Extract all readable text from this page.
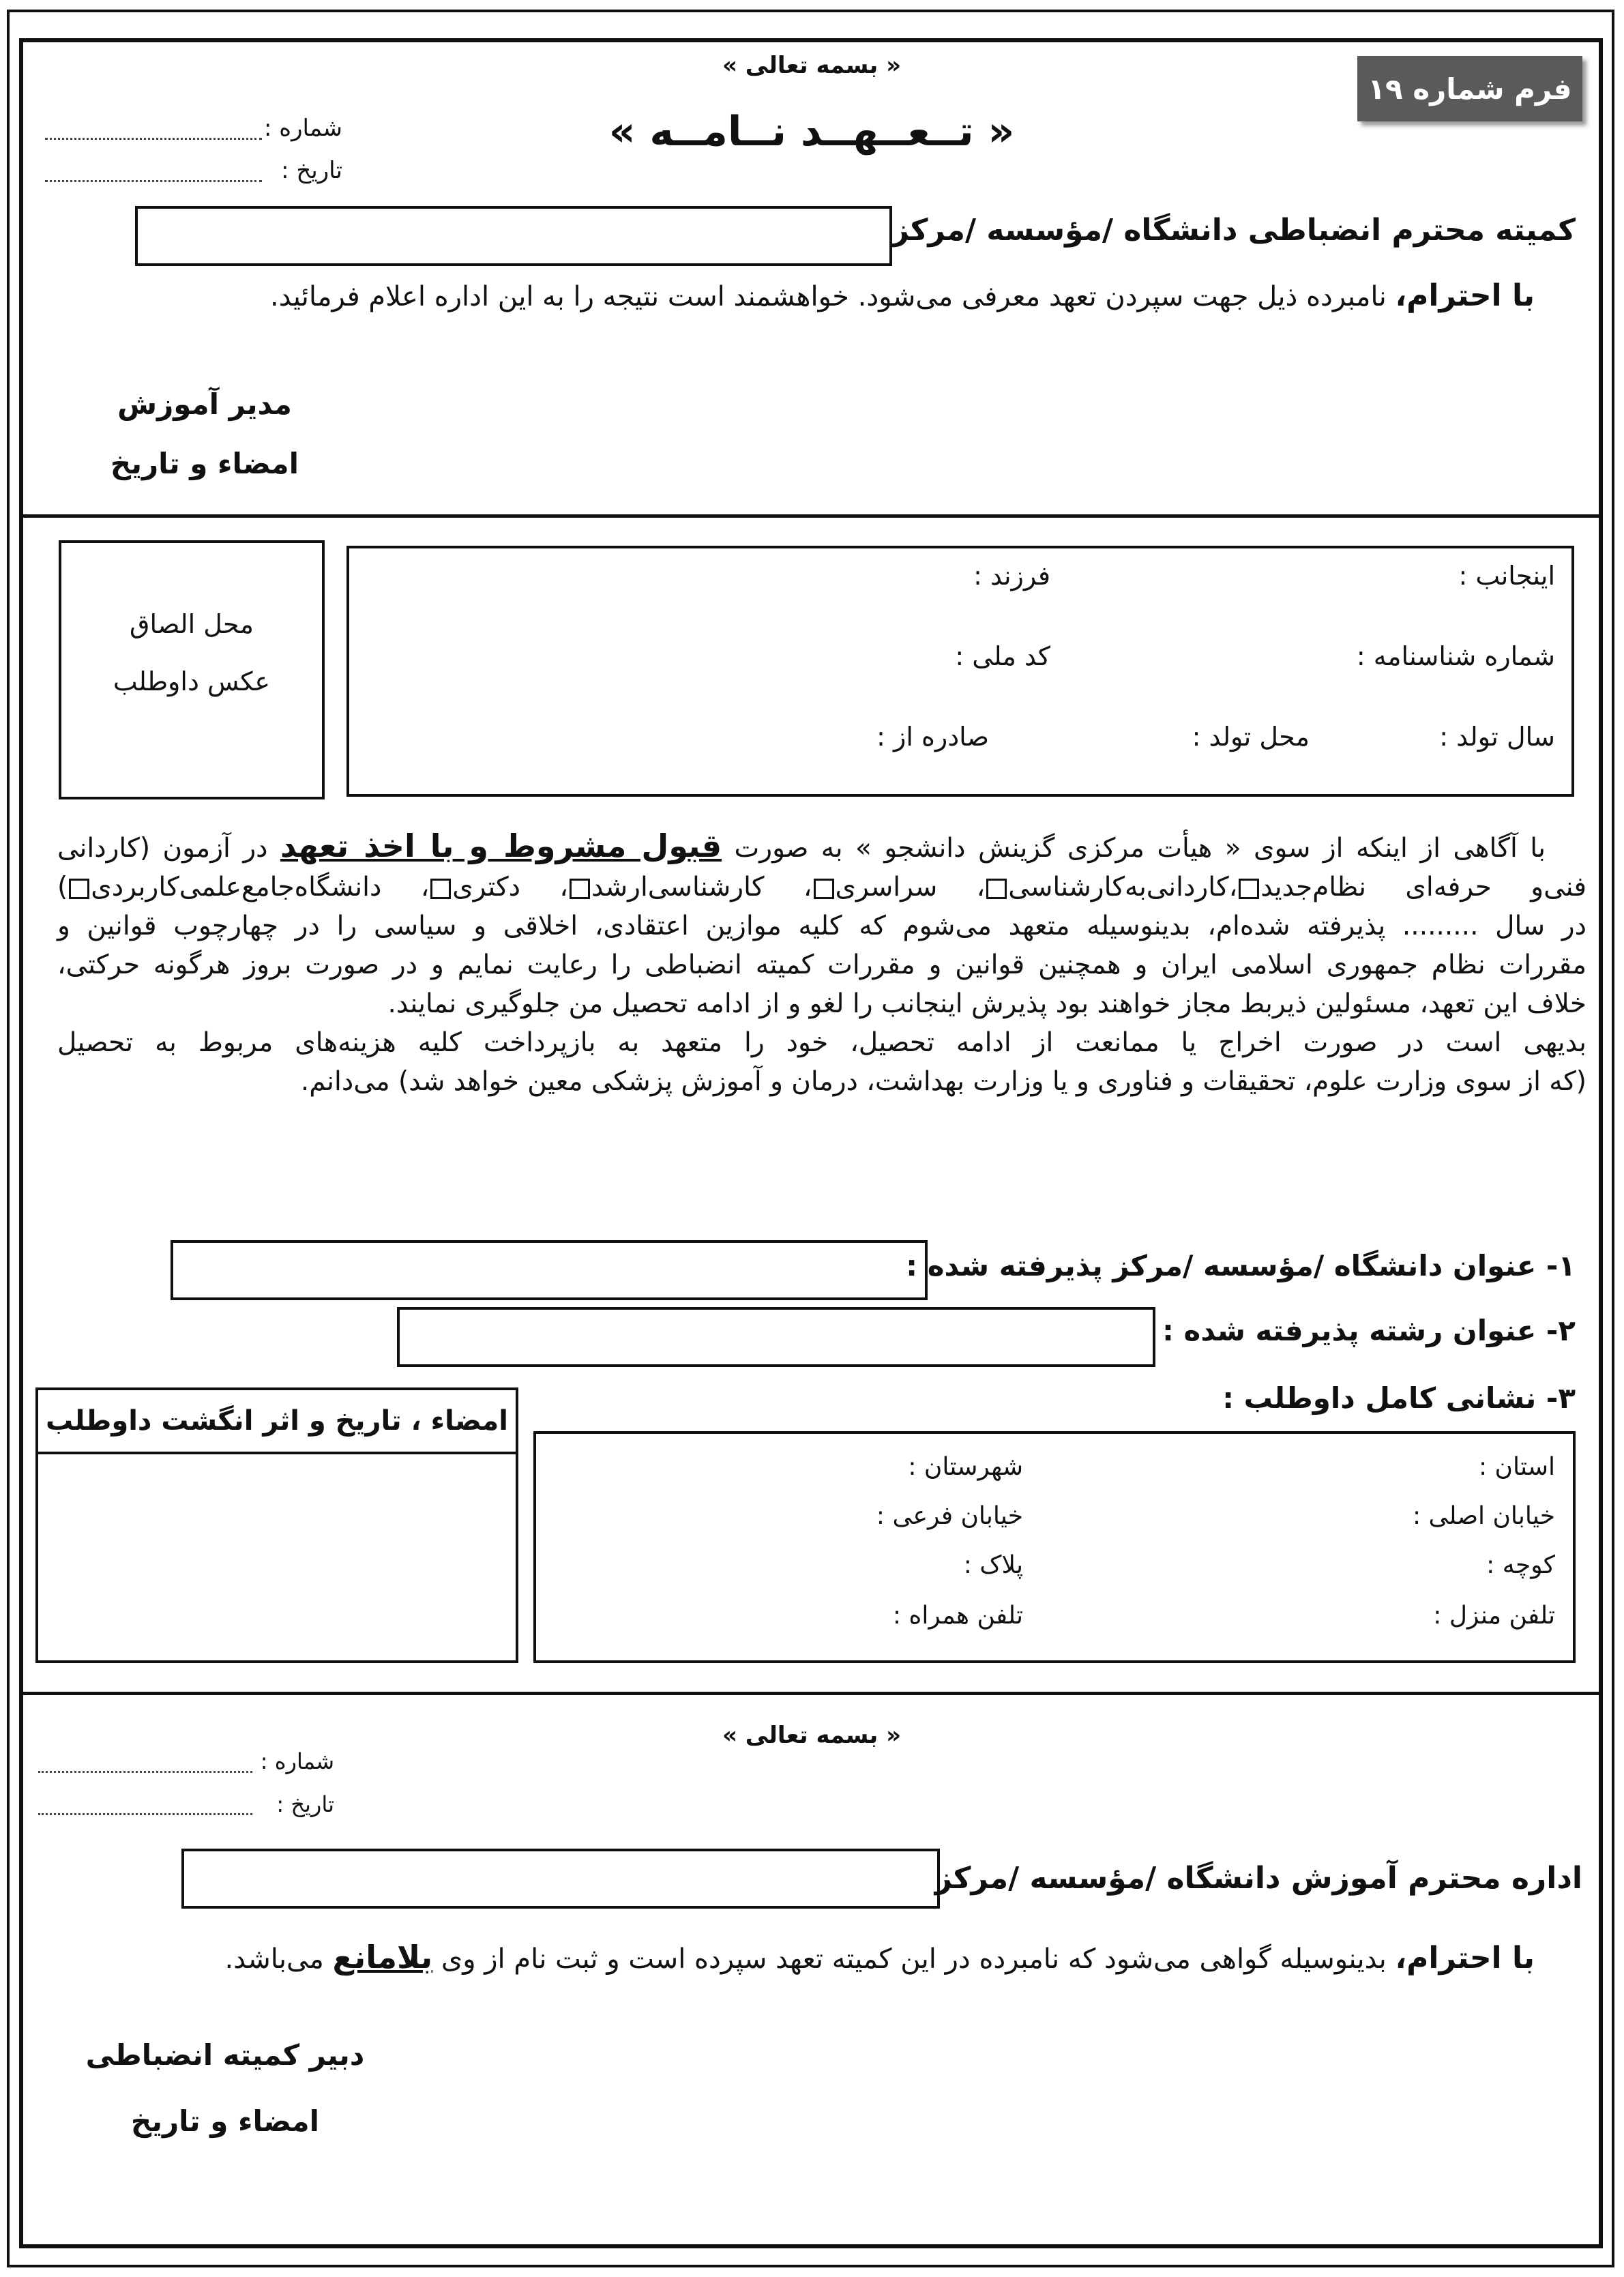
فرم شماره ۱۹
« بسمه تعالی »
« تــعــهــد نــامــه »
شماره :
تاریخ :
کمیته محترم انضباطی دانشگاه /مؤسسه /مرکز
با احترام، نامبرده ذیل جهت سپردن تعهد معرفی می‌شود. خواهشمند است نتیجه را به این اداره اعلام فرمائید.
مدیر آموزش
امضاء و تاریخ
محل الصاق
عکس داوطلب
اینجانب :
فرزند :
شماره شناسنامه :
کد ملی :
سال تولد :
محل تولد :
صادره از :
با آگاهی از اینکه از سوی « هیأت مرکزی گزینش دانشجو » به صورت قبول مشروط و با اخذ تعهد در آزمون (کاردانی
فنی‌و حرفه‌ای نظام‌جدید،کاردانی‌به‌کارشناسی، سراسری، کارشناسی‌ارشد، دکتری، دانشگاه‌جامع‌علمی‌کاربردی)
در سال ......... پذیرفته شده‌ام، بدینوسیله متعهد می‌شوم که کلیه موازین اعتقادی، اخلاقی و سیاسی را در چهارچوب قوانین و
مقررات نظام جمهوری اسلامی ایران و همچنین قوانین و مقررات کمیته انضباطی را رعایت نمایم و در صورت بروز هرگونه حرکتی،
خلاف این تعهد، مسئولین ذیربط مجاز خواهند بود پذیرش اینجانب را لغو و از ادامه تحصیل من جلوگیری نمایند.
بدیهی است در صورت اخراج یا ممانعت از ادامه تحصیل، خود را متعهد به بازپرداخت کلیه هزینه‌های مربوط به تحصیل
(که از سوی وزارت علوم، تحقیقات و فناوری و یا وزارت بهداشت، درمان و آموزش پزشکی معین خواهد شد) می‌دانم.
۱- عنوان دانشگاه /مؤسسه /مرکز پذیرفته شده :
۲- عنوان رشته پذیرفته شده :
۳- نشانی کامل داوطلب :
امضاء ، تاریخ و اثر انگشت داوطلب
استان :
شهرستان :
خیابان اصلی :
خیابان فرعی :
کوچه :
پلاک :
تلفن منزل :
تلفن همراه :
« بسمه تعالی »
شماره :
تاریخ :
اداره محترم آموزش دانشگاه /مؤسسه /مرکز
با احترام، بدینوسیله گواهی می‌شود که نامبرده در این کمیته تعهد سپرده است و ثبت نام از وی بلامانع می‌باشد.
دبیر کمیته انضباطی
امضاء و تاریخ
